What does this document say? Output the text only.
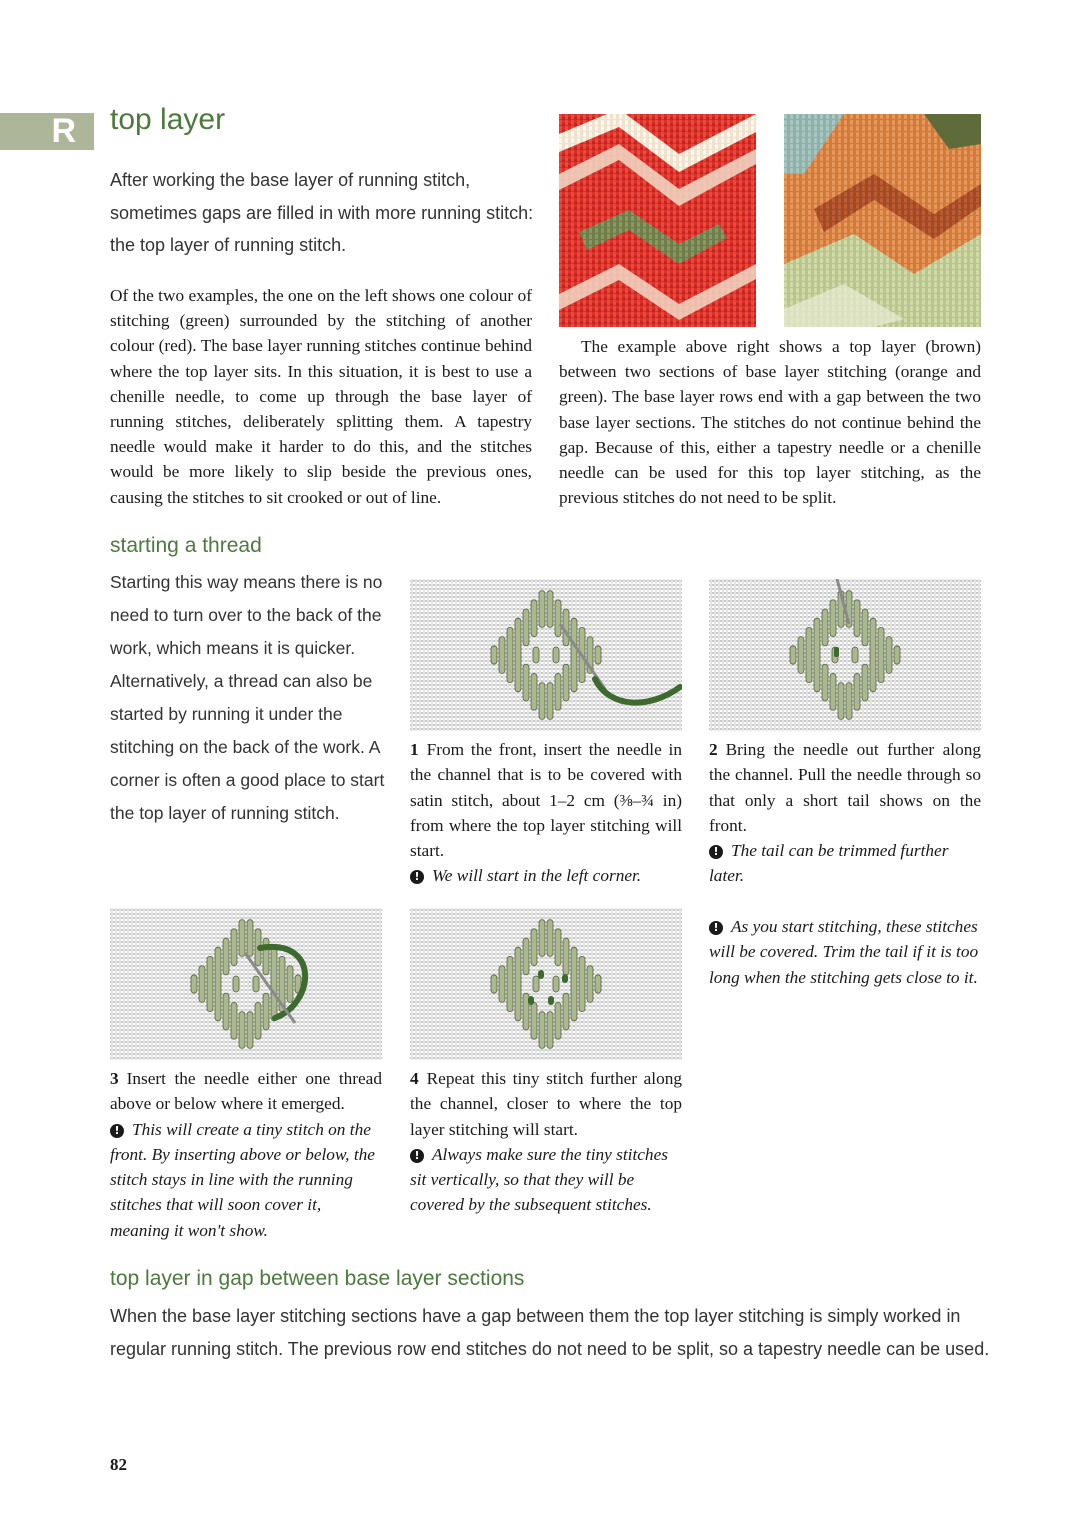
R top layer

After working the base layer of running stitch, sometimes gaps are filled in with more running stitch: the top layer of running stitch.

Of the two examples, the one on the left shows one colour of stitching (green) surrounded by the stitching of another colour (red). The base layer running stitches continue behind where the top layer sits. In this situation, it is best to use a chenille needle, to come up through the base layer of running stitches, deliberately splitting them. A tapestry needle would make it harder to do this, and the stitches would be more likely to slip beside the previous ones, causing the stitches to sit crooked or out of line.

The example above right shows a top layer (brown) between two sections of base layer stitching (orange and green). The base layer rows end with a gap between the two base layer sections. The stitches do not continue behind the gap. Because of this, either a tapestry needle or a chenille needle can be used for this top layer stitching, as the previous stitches do not need to be split.

starting a thread

Starting this way means there is no need to turn over to the back of the work, which means it is quicker. Alternatively, a thread can also be started by running it under the stitching on the back of the work. A corner is often a good place to start the top layer of running stitch.

1 From the front, insert the needle in the channel that is to be covered with satin stitch, about 1–2 cm (⅜–¾ in) from where the top layer stitching will start.
! We will start in the left corner.
2 Bring the needle out further along the channel. Pull the needle through so that only a short tail shows on the front.
! The tail can be trimmed further later.

! As you start stitching, these stitches will be covered. Trim the tail if it is too long when the stitching gets close to it.

3 Insert the needle either one thread above or below where it emerged.
! This will create a tiny stitch on the front. By inserting above or below, the stitch stays in line with the running stitches that will soon cover it, meaning it won't show.
4 Repeat this tiny stitch further along the channel, closer to where the top layer stitching will start.
! Always make sure the tiny stitches sit vertically, so that they will be covered by the subsequent stitches.
top layer in gap between base layer sections

When the base layer stitching sections have a gap between them the top layer stitching is simply worked in regular running stitch. The previous row end stitches do not need to be split, so a tapestry needle can be used.

82
